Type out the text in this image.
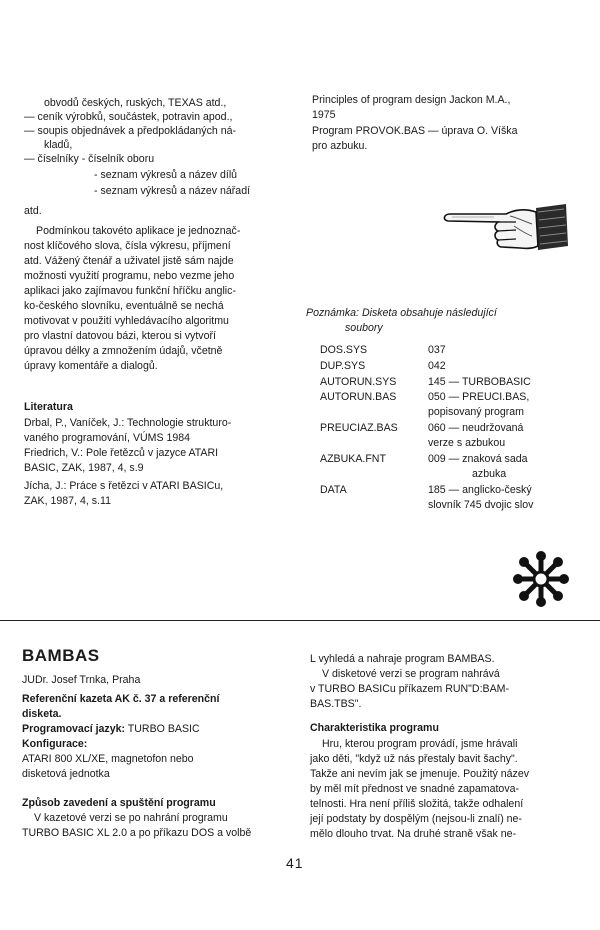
obvodů českých, ruských, TEXAS atd.,
— ceník výrobků, součástek, potravin apod.,
— soupis objednávek a předpokládaných ná-
kladů,
— číselníky - číselník oboru
- seznam výkresů a název dílů
- seznam výkresů a název nářadí
atd.
Podmínkou takovéto aplikace je jednoznač-
nost klíčového slova, čísla výkresu, příjmení
atd. Vážený čtenář a uživatel jistě sám najde
možnosti využití programu, nebo vezme jeho
aplikaci jako zajímavou funkční hříčku anglic-
ko-českého slovníku, eventuálně se nechá
motivovat v použití vyhledávacího algoritmu
pro vlastní datovou bázi, kterou si vytvoří
úpravou délky a zmnožením údajů, včetně
úpravy komentáře a dialogů.
Literatura
Drbal, P., Vaníček, J.: Technologie strukturo-
vaného programování, VÚMS 1984
Friedrich, V.: Pole řetězců v jazyce ATARI
BASIC, ZAK, 1987, 4, s.9
Jícha, J.: Práce s řetězci v ATARI BASICu,
ZAK, 1987, 4, s.11
Principles of program design Jackon M.A.,
1975
Program PROVOK.BAS — úprava O. Víška
pro azbuku.
Poznámka: Disketa obsahuje následující
soubory
DOS.SYS	037
DUP.SYS	042
AUTORUN.SYS	145 — TURBOBASIC
AUTORUN.BAS	050 — PREUCI.BAS,
popisovaný program
PREUCIAZ.BAS	060 — neudržovaná
verze s azbukou
AZBUKA.FNT	009 — znaková sada
azbuka
DATA	185 — anglicko-český
slovník 745 dvojic slov
BAMBAS
JUDr. Josef Trnka, Praha
Referenční kazeta AK č. 37 a referenční
disketa.
Programovací jazyk: TURBO BASIC
Konfigurace:
ATARI 800 XL/XE, magnetofon nebo
disketová jednotka
Způsob zavedení a spuštění programu
V kazetové verzi se po nahrání programu
TURBO BASIC XL 2.0 a po příkazu DOS a volbě
L vyhledá a nahraje program BAMBAS.
V disketové verzi se program nahrává
v TURBO BASICu příkazem RUN"D:BAM-
BAS.TBS".
Charakteristika programu
Hru, kterou program provádí, jsme hrávali
jako děti, "když už nás přestaly bavit šachy".
Takže ani nevím jak se jmenuje. Použitý název
by měl mít přednost ve snadné zapamatova-
telnosti. Hra není příliš složitá, takže odhalení
její podstaty by dospělým (nejsou-li znalí) ne-
mělo dlouho trvat. Na druhé straně však ne-
41
